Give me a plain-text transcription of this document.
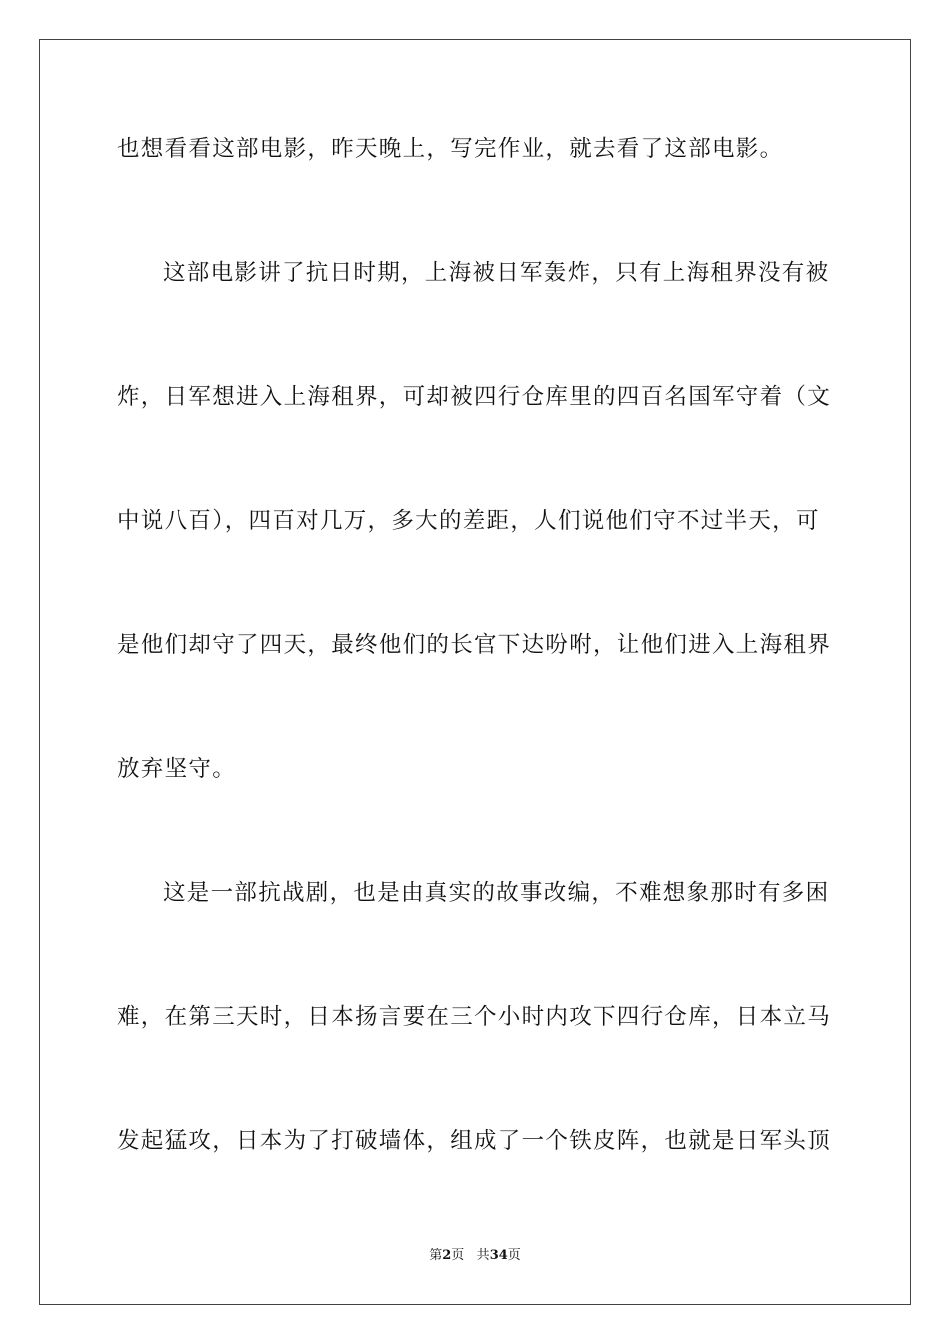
也想看看这部电影，昨天晚上，写完作业，就去看了这部电影。
这部电影讲了抗日时期，上海被日军轰炸，只有上海租界没有被
炸，日军想进入上海租界，可却被四行仓库里的四百名国军守着（文
中说八百），四百对几万，多大的差距，人们说他们守不过半天，可
是他们却守了四天，最终他们的长官下达吩咐，让他们进入上海租界
放弃坚守。
这是一部抗战剧，也是由真实的故事改编，不难想象那时有多困
难，在第三天时，日本扬言要在三个小时内攻下四行仓库，日本立马
发起猛攻，日本为了打破墙体，组成了一个铁皮阵，也就是日军头顶
第2页 共34页
